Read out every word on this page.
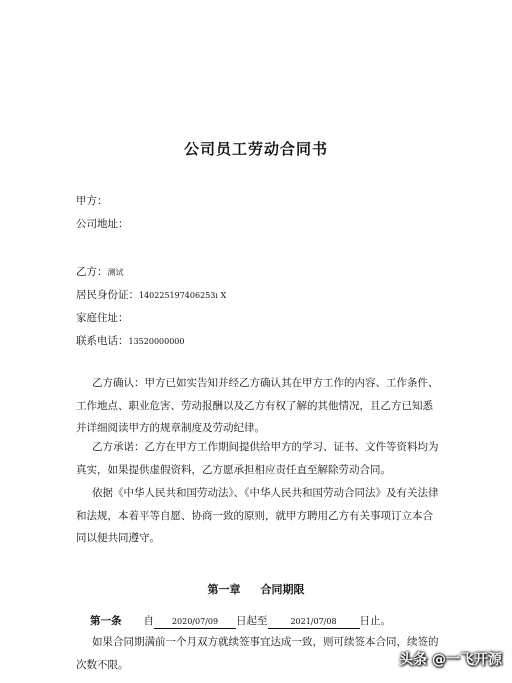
公司员工劳动合同书
甲方：
公司地址：
乙方：测试
居民身份证：140225197406253ı X
家庭住址：
联系电话：13520000000
乙方确认：甲方已如实告知并经乙方确认其在甲方工作的内容、工作条件、工作地点、职业危害、劳动报酬以及乙方有权了解的其他情况，且乙方已知悉并详细阅读甲方的规章制度及劳动纪律。
乙方承诺：乙方在甲方工作期间提供给甲方的学习、证书、文件等资料均为真实，如果提供虚假资料，乙方愿承担相应责任直至解除劳动合同。
依据《中华人民共和国劳动法》、《中华人民共和国劳动合同法》及有关法律和法规，本着平等自愿、协商一致的原则，就甲方聘用乙方有关事项订立本合同以便共同遵守。
第一章 合同期限
第一条 自 2020/07/09 日起至	2021/07/08 日止。
如果合同期满前一个月双方就续签事宜达成一致，则可续签本合同，续签的次数不限。	头条 @一飞开源
